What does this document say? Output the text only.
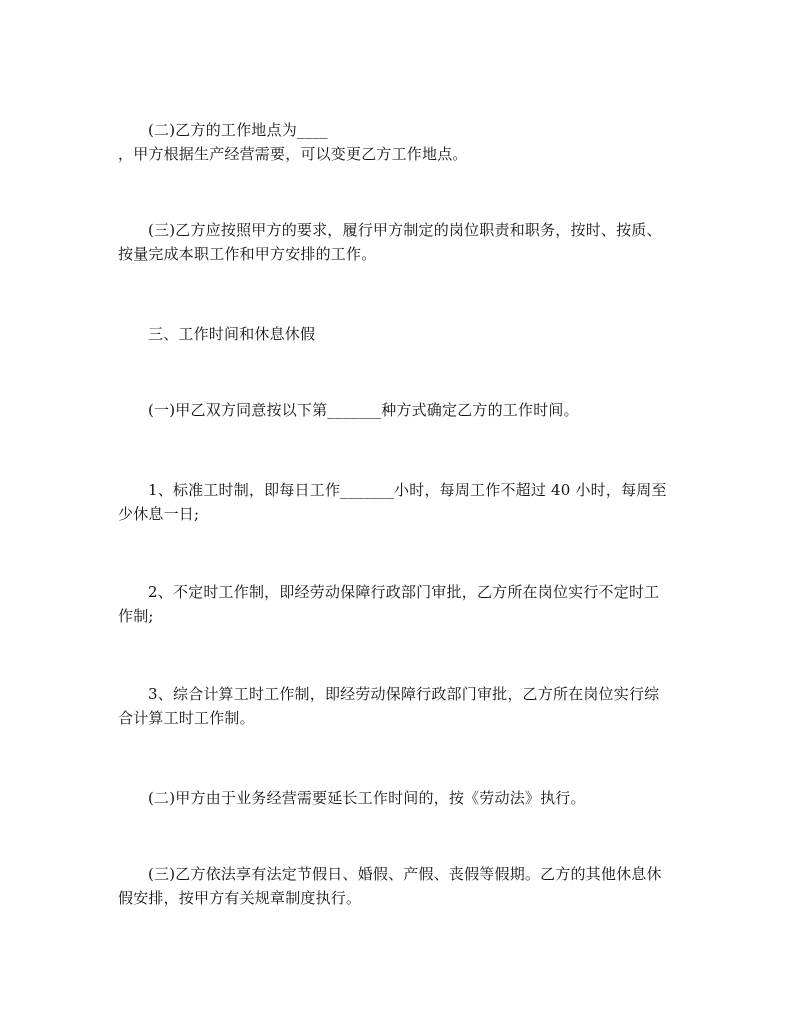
(二)乙方的工作地点为____
，甲方根据生产经营需要，可以变更乙方工作地点。
(三)乙方应按照甲方的要求，履行甲方制定的岗位职责和职务，按时、按质、
按量完成本职工作和甲方安排的工作。
三、工作时间和休息休假
(一)甲乙双方同意按以下第_______种方式确定乙方的工作时间。
1、标准工时制，即每日工作_______小时，每周工作不超过 40 小时，每周至
少休息一日;
2、不定时工作制，即经劳动保障行政部门审批，乙方所在岗位实行不定时工
作制;
3、综合计算工时工作制，即经劳动保障行政部门审批，乙方所在岗位实行综
合计算工时工作制。
(二)甲方由于业务经营需要延长工作时间的，按《劳动法》执行。
(三)乙方依法享有法定节假日、婚假、产假、丧假等假期。乙方的其他休息休
假安排，按甲方有关规章制度执行。
